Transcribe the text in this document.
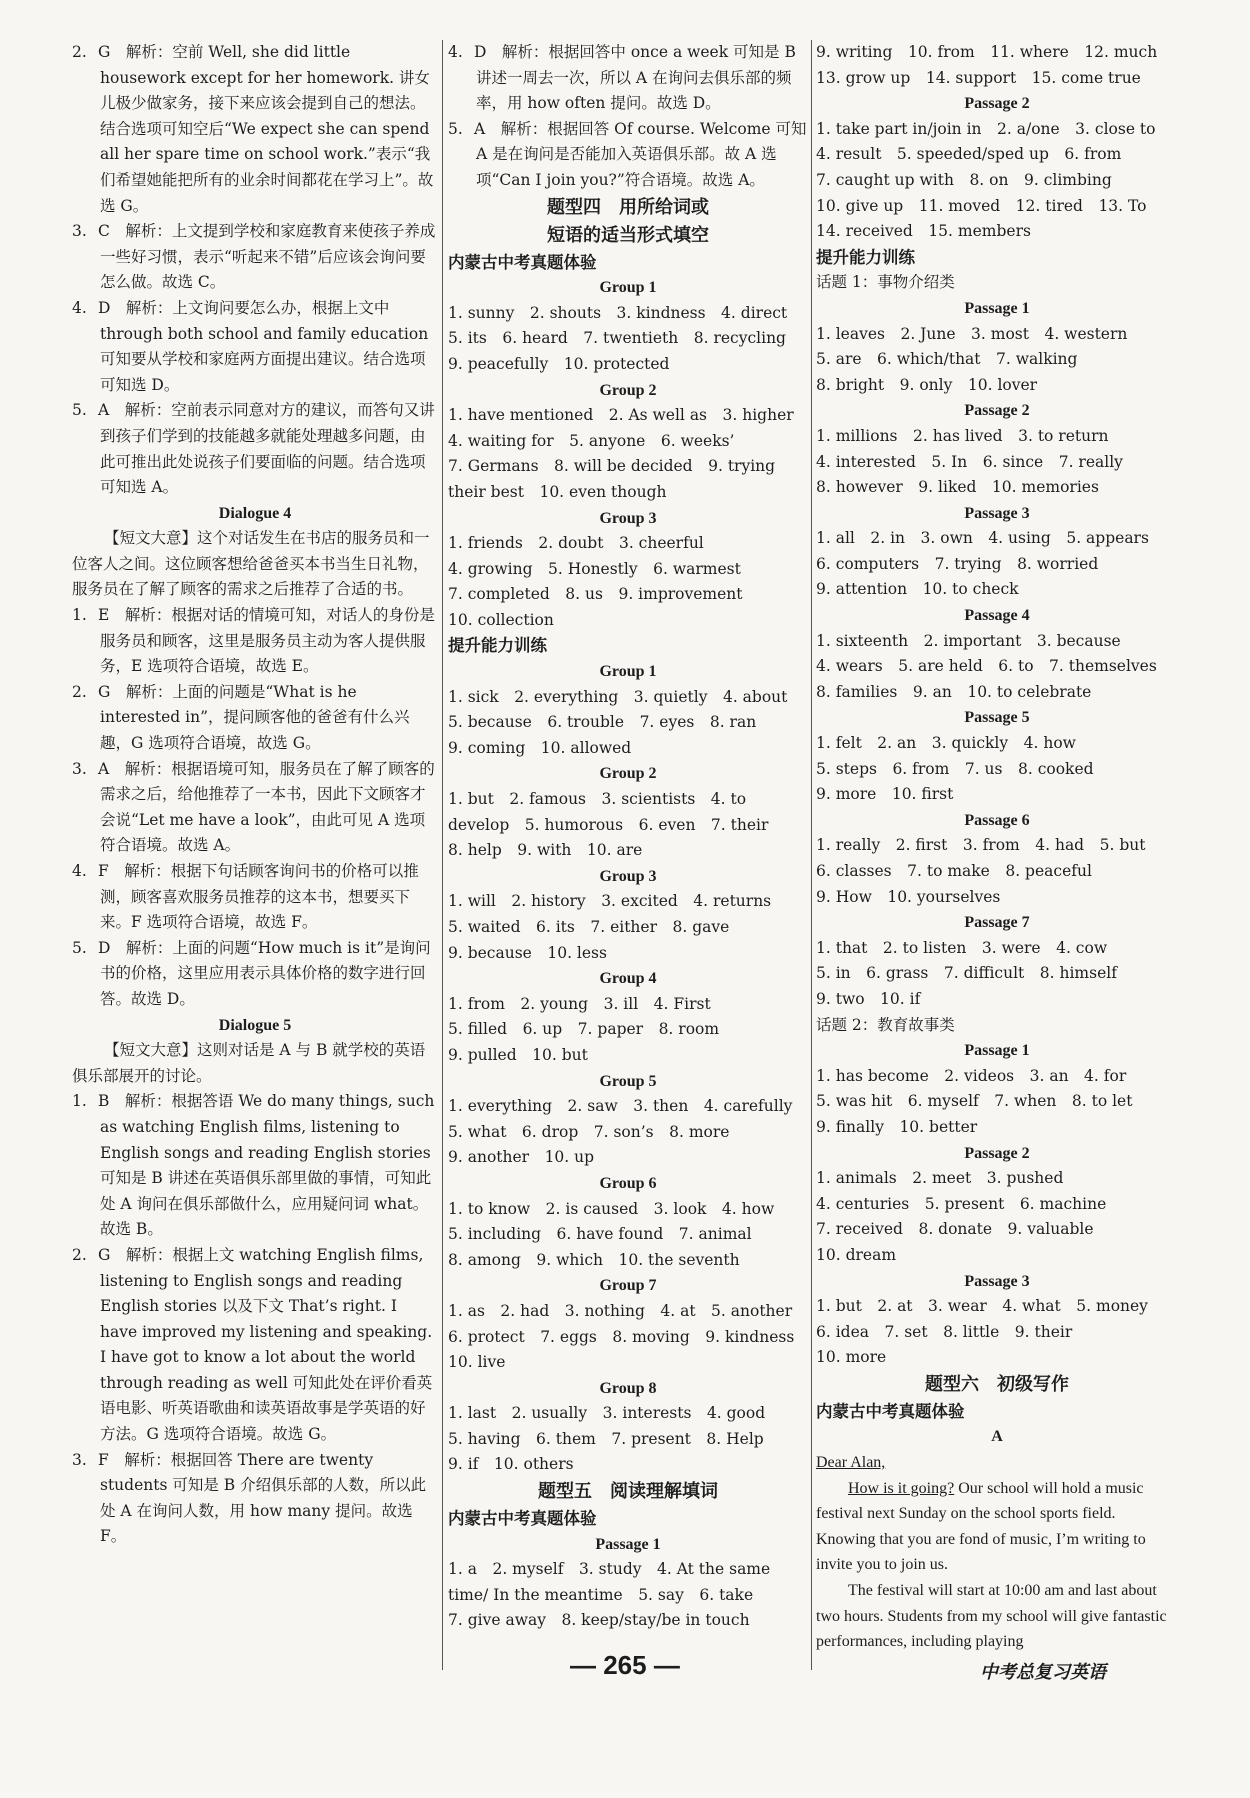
2. G　解析：空前 Well, she did little housework except for her homework. 讲女儿极少做家务，接下来应该会提到自己的想法。结合选项可知空后“We expect she can spend all her spare time on school work.”表示“我们希望她能把所有的业余时间都花在学习上”。故选 G。
3. C　解析：上文提到学校和家庭教育来使孩子养成一些好习惯，表示“听起来不错”后应该会询问要怎么做。故选 C。
4. D　解析：上文询问要怎么办，根据上文中 through both school and family education 可知要从学校和家庭两方面提出建议。结合选项可知选 D。
5. A　解析：空前表示同意对方的建议，而答句又讲到孩子们学到的技能越多就能处理越多问题，由此可推出此处说孩子们要面临的问题。结合选项可知选 A。
Dialogue 4
【短文大意】这个对话发生在书店的服务员和一位客人之间。这位顾客想给爸爸买本书当生日礼物，服务员在了解了顾客的需求之后推荐了合适的书。
1. E　解析：根据对话的情境可知，对话人的身份是服务员和顾客，这里是服务员主动为客人提供服务，E 选项符合语境，故选 E。
2. G　解析：上面的问题是“What is he interested in”，提问顾客他的爸爸有什么兴趣，G 选项符合语境，故选 G。
3. A　解析：根据语境可知，服务员在了解了顾客的需求之后，给他推荐了一本书，因此下文顾客才会说“Let me have a look”，由此可见 A 选项符合语境。故选 A。
4. F　解析：根据下句话顾客询问书的价格可以推测，顾客喜欢服务员推荐的这本书，想要买下来。F 选项符合语境，故选 F。
5. D　解析：上面的问题“How much is it”是询问书的价格，这里应用表示具体价格的数字进行回答。故选 D。
Dialogue 5
【短文大意】这则对话是 A 与 B 就学校的英语俱乐部展开的讨论。
1. B　解析：根据答语 We do many things, such as watching English films, listening to English songs and reading English stories 可知是 B 讲述在英语俱乐部里做的事情，可知此处 A 询问在俱乐部做什么，应用疑问词 what。故选 B。
2. G　解析：根据上文 watching English films, listening to English songs and reading English stories 以及下文 That’s right. I have improved my listening and speaking. I have got to know a lot about the world through reading as well 可知此处在评价看英语电影、听英语歌曲和读英语故事是学英语的好方法。G 选项符合语境。故选 G。
3. F　解析：根据回答 There are twenty students 可知是 B 介绍俱乐部的人数，所以此处 A 在询问人数，用 how many 提问。故选 F。
4. D　解析：根据回答中 once a week 可知是 B 讲述一周去一次，所以 A 在询问去俱乐部的频率，用 how often 提问。故选 D。
5. A　解析：根据回答 Of course. Welcome 可知 A 是在询问是否能加入英语俱乐部。故 A 选项“Can I join you?”符合语境。故选 A。
题型四　用所给词或
短语的适当形式填空
内蒙古中考真题体验
Group 1
1. sunny　2. shouts　3. kindness　4. direct
5. its　6. heard　7. twentieth　8. recycling
9. peacefully　10. protected
Group 2
1. have mentioned　2. As well as　3. higher
4. waiting for　5. anyone　6. weeks’
7. Germans　8. will be decided　9. trying
their best　10. even though
Group 3
1. friends　2. doubt　3. cheerful
4. growing　5. Honestly　6. warmest
7. completed　8. us　9. improvement
10. collection
提升能力训练
Group 1
1. sick　2. everything　3. quietly　4. about
5. because　6. trouble　7. eyes　8. ran
9. coming　10. allowed
Group 2
1. but　2. famous　3. scientists　4. to
develop　5. humorous　6. even　7. their
8. help　9. with　10. are
Group 3
1. will　2. history　3. excited　4. returns
5. waited　6. its　7. either　8. gave
9. because　10. less
Group 4
1. from　2. young　3. ill　4. First
5. filled　6. up　7. paper　8. room
9. pulled　10. but
Group 5
1. everything　2. saw　3. then　4. carefully
5. what　6. drop　7. son’s　8. more
9. another　10. up
Group 6
1. to know　2. is caused　3. look　4. how
5. including　6. have found　7. animal
8. among　9. which　10. the seventh
Group 7
1. as　2. had　3. nothing　4. at　5. another
6. protect　7. eggs　8. moving　9. kindness
10. live
Group 8
1. last　2. usually　3. interests　4. good
5. having　6. them　7. present　8. Help
9. if　10. others
题型五　阅读理解填词
内蒙古中考真题体验
Passage 1
1. a　2. myself　3. study　4. At the same
time/ In the meantime　5. say　6. take
7. give away　8. keep/stay/be in touch
9. writing　10. from　11. where　12. much
13. grow up　14. support　15. come true
Passage 2
1. take part in/join in　2. a/one　3. close to
4. result　5. speeded/sped up　6. from
7. caught up with　8. on　9. climbing
10. give up　11. moved　12. tired　13. To
14. received　15. members
提升能力训练
话题 1：事物介绍类
Passage 1
1. leaves　2. June　3. most　4. western
5. are　6. which/that　7. walking
8. bright　9. only　10. lover
Passage 2
1. millions　2. has lived　3. to return
4. interested　5. In　6. since　7. really
8. however　9. liked　10. memories
Passage 3
1. all　2. in　3. own　4. using　5. appears
6. computers　7. trying　8. worried
9. attention　10. to check
Passage 4
1. sixteenth　2. important　3. because
4. wears　5. are held　6. to　7. themselves
8. families　9. an　10. to celebrate
Passage 5
1. felt　2. an　3. quickly　4. how
5. steps　6. from　7. us　8. cooked
9. more　10. first
Passage 6
1. really　2. first　3. from　4. had　5. but
6. classes　7. to make　8. peaceful
9. How　10. yourselves
Passage 7
1. that　2. to listen　3. were　4. cow
5. in　6. grass　7. difficult　8. himself
9. two　10. if
话题 2：教育故事类
Passage 1
1. has become　2. videos　3. an　4. for
5. was hit　6. myself　7. when　8. to let
9. finally　10. better
Passage 2
1. animals　2. meet　3. pushed
4. centuries　5. present　6. machine
7. received　8. donate　9. valuable
10. dream
Passage 3
1. but　2. at　3. wear　4. what　5. money
6. idea　7. set　8. little　9. their
10. more
题型六　初级写作
内蒙古中考真题体验
A
Dear Alan,
How is it going? Our school will hold a music festival next Sunday on the school sports field. Knowing that you are fond of music, I’m writing to invite you to join us.
The festival will start at 10:00 am and last about two hours. Students from my school will give fantastic performances, including playing
— 265 —	中考总复习英语
